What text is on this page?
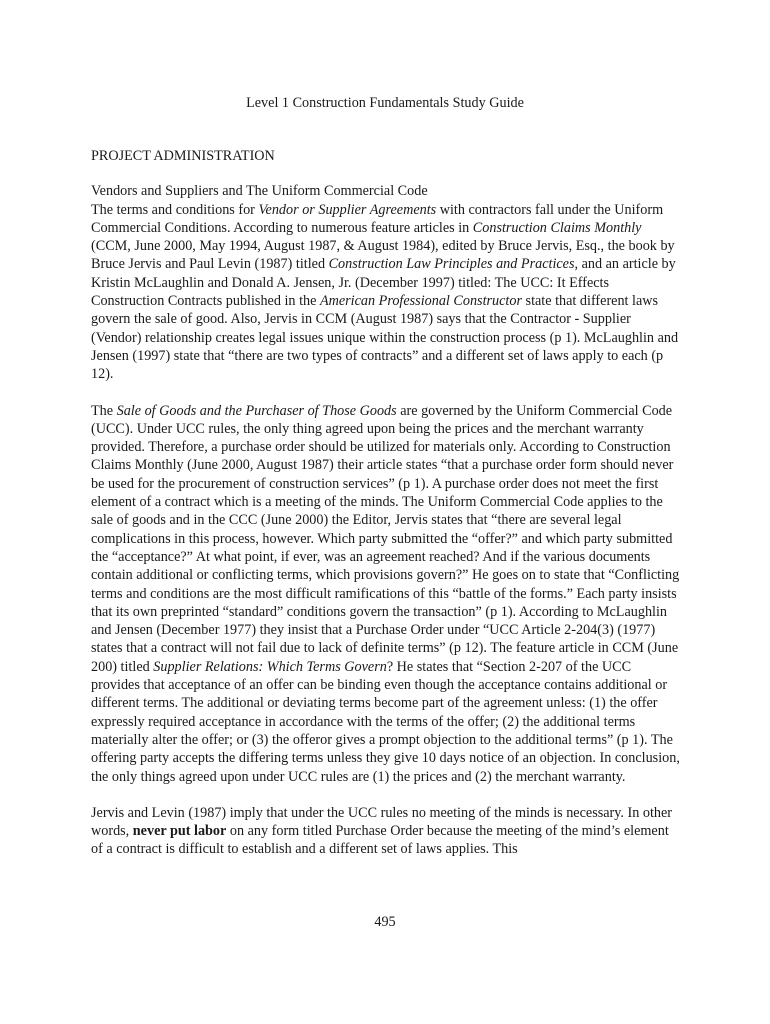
Level 1 Construction Fundamentals Study Guide
PROJECT ADMINISTRATION
Vendors and Suppliers and The Uniform Commercial Code
The terms and conditions for Vendor or Supplier Agreements with contractors fall under the Uniform Commercial Conditions. According to numerous feature articles in Construction Claims Monthly (CCM, June 2000, May 1994, August 1987, & August 1984), edited by Bruce Jervis, Esq., the book by Bruce Jervis and Paul Levin (1987) titled Construction Law Principles and Practices, and an article by Kristin McLaughlin and Donald A. Jensen, Jr. (December 1997) titled: The UCC: It Effects Construction Contracts published in the American Professional Constructor state that different laws govern the sale of good. Also, Jervis in CCM (August 1987) says that the Contractor - Supplier (Vendor) relationship creates legal issues unique within the construction process (p 1). McLaughlin and Jensen (1997) state that “there are two types of contracts” and a different set of laws apply to each (p 12).
The Sale of Goods and the Purchaser of Those Goods are governed by the Uniform Commercial Code (UCC). Under UCC rules, the only thing agreed upon being the prices and the merchant warranty provided. Therefore, a purchase order should be utilized for materials only. According to Construction Claims Monthly (June 2000, August 1987) their article states “that a purchase order form should never be used for the procurement of construction services” (p 1). A purchase order does not meet the first element of a contract which is a meeting of the minds. The Uniform Commercial Code applies to the sale of goods and in the CCC (June 2000) the Editor, Jervis states that “there are several legal complications in this process, however. Which party submitted the “offer?” and which party submitted the “acceptance?” At what point, if ever, was an agreement reached? And if the various documents contain additional or conflicting terms, which provisions govern?” He goes on to state that “Conflicting terms and conditions are the most difficult ramifications of this “battle of the forms.” Each party insists that its own preprinted “standard” conditions govern the transaction” (p 1). According to McLaughlin and Jensen (December 1977) they insist that a Purchase Order under “UCC Article 2-204(3) (1977) states that a contract will not fail due to lack of definite terms” (p 12). The feature article in CCM (June 200) titled Supplier Relations: Which Terms Govern? He states that “Section 2-207 of the UCC provides that acceptance of an offer can be binding even though the acceptance contains additional or different terms. The additional or deviating terms become part of the agreement unless: (1) the offer expressly required acceptance in accordance with the terms of the offer; (2) the additional terms materially alter the offer; or (3) the offeror gives a prompt objection to the additional terms” (p 1). The offering party accepts the differing terms unless they give 10 days notice of an objection. In conclusion, the only things agreed upon under UCC rules are (1) the prices and (2) the merchant warranty.
Jervis and Levin (1987) imply that under the UCC rules no meeting of the minds is necessary. In other words, never put labor on any form titled Purchase Order because the meeting of the mind’s element of a contract is difficult to establish and a different set of laws applies. This
495
